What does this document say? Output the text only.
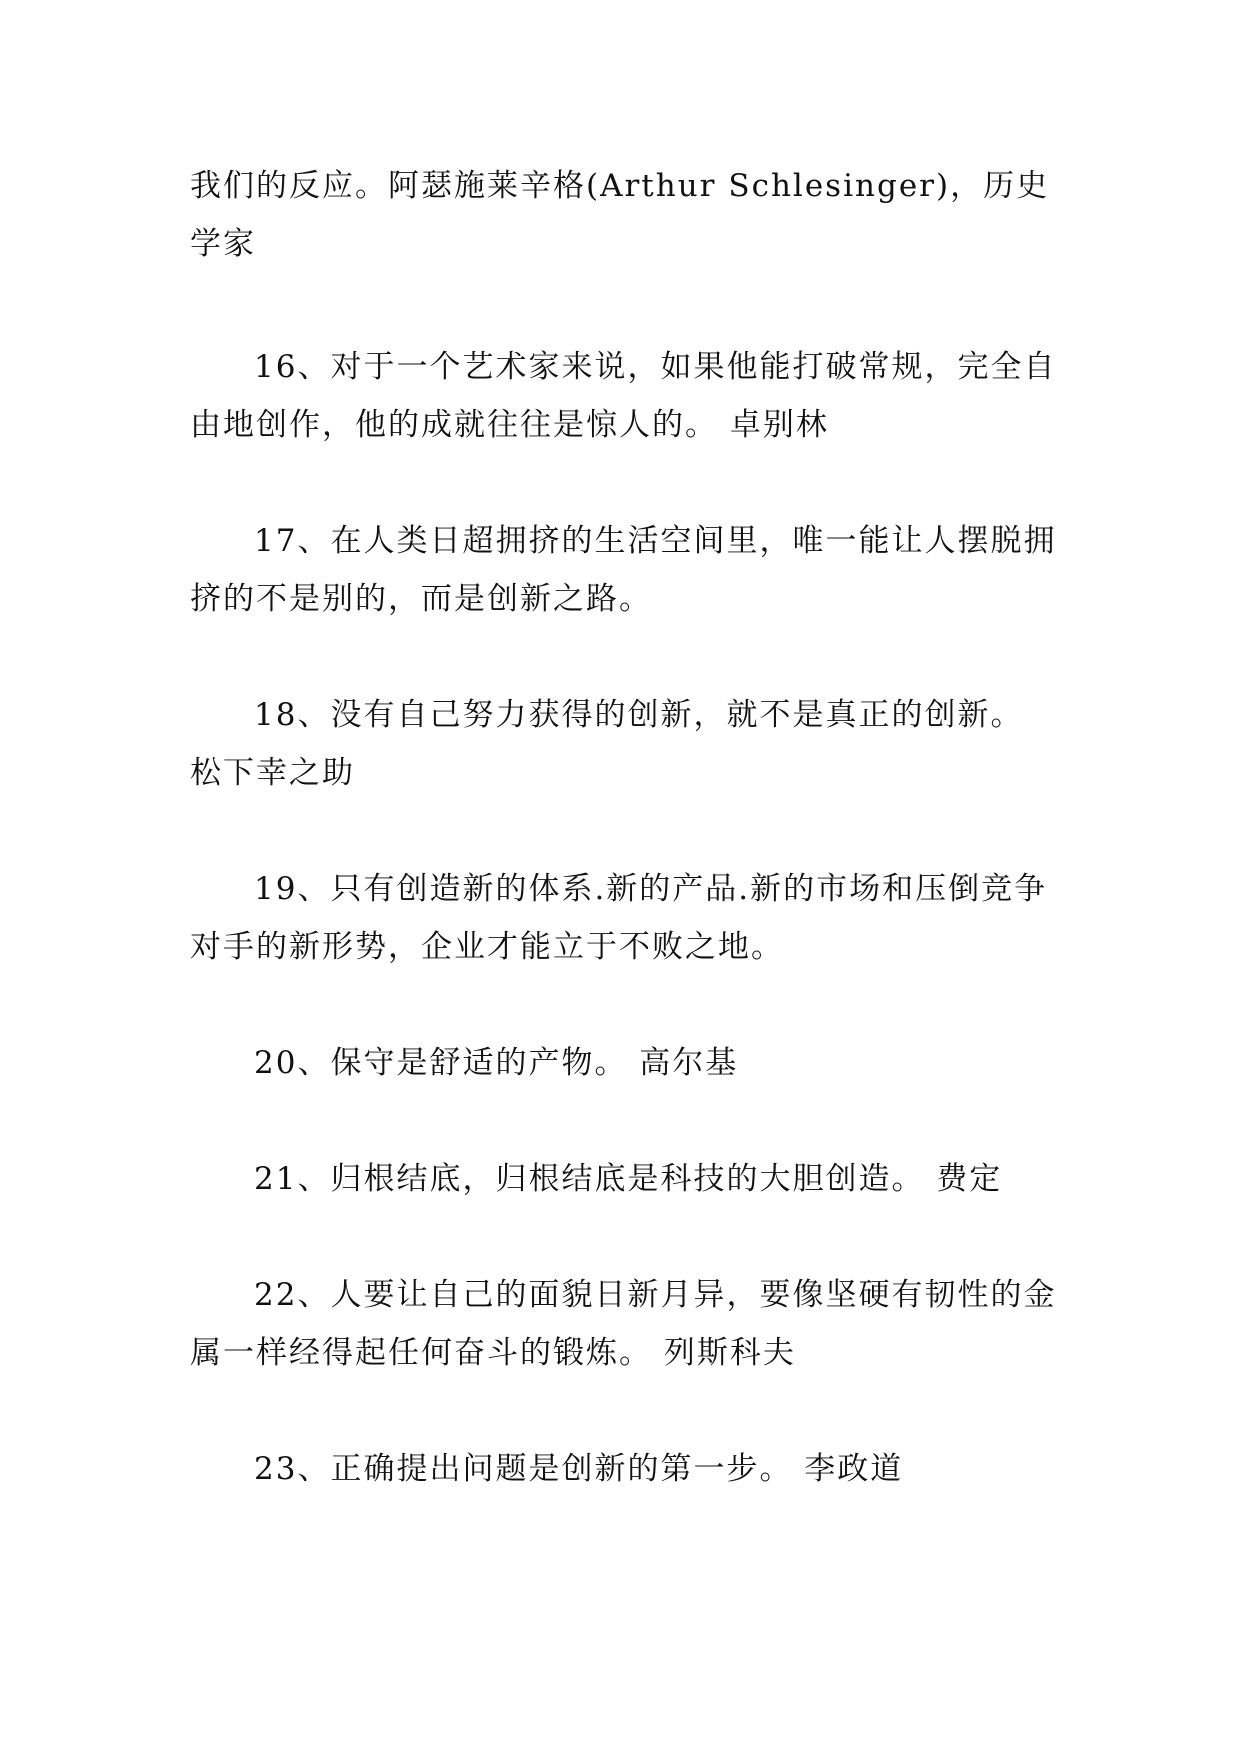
我们的反应。阿瑟施莱辛格(Arthur Schlesinger)，历史学家
16、对于一个艺术家来说，如果他能打破常规，完全自由地创作，他的成就往往是惊人的。 卓别林
17、在人类日超拥挤的生活空间里，唯一能让人摆脱拥挤的不是别的，而是创新之路。
18、没有自己努力获得的创新，就不是真正的创新。 松下幸之助
19、只有创造新的体系.新的产品.新的市场和压倒竞争对手的新形势，企业才能立于不败之地。
20、保守是舒适的产物。 高尔基
21、归根结底，归根结底是科技的大胆创造。 费定
22、人要让自己的面貌日新月异，要像坚硬有韧性的金属一样经得起任何奋斗的锻炼。 列斯科夫
23、正确提出问题是创新的第一步。 李政道
